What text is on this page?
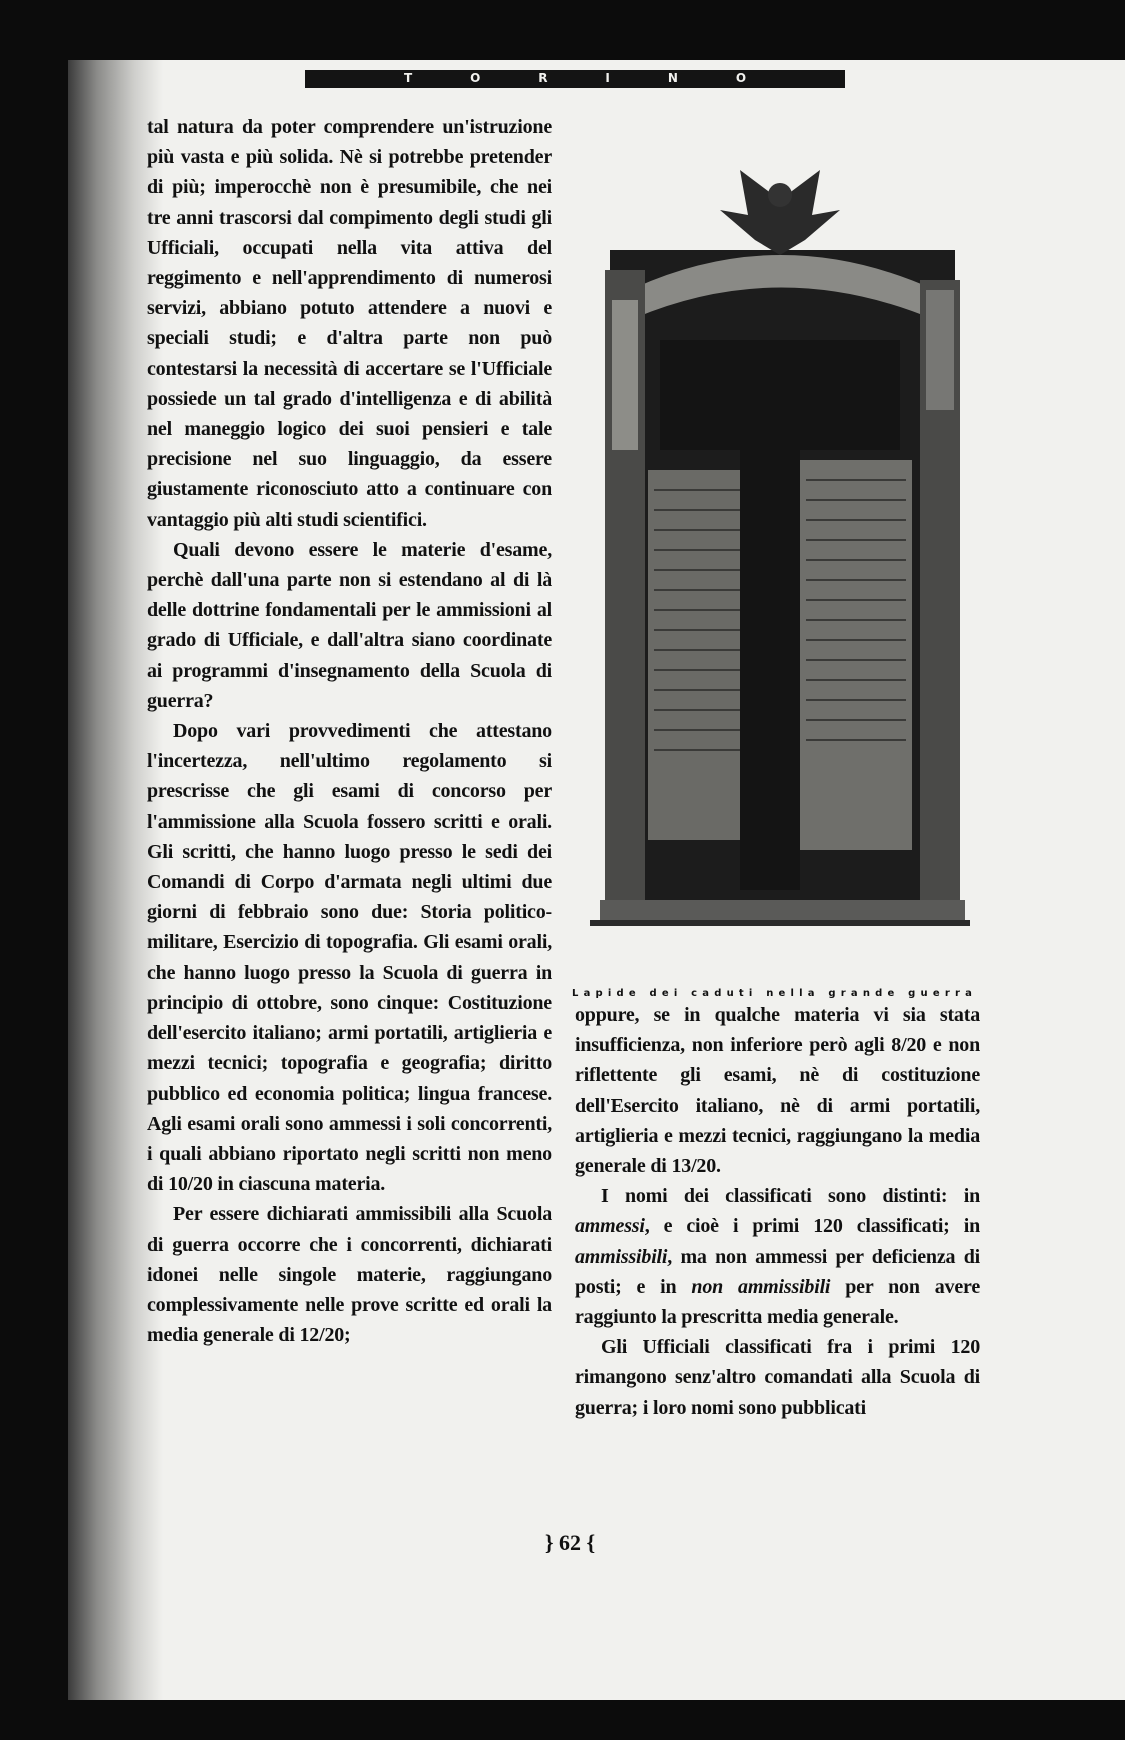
T	O	R	I	N	O

tal natura da poter comprendere un'istruzione più vasta e più solida. Nè si potrebbe pretender di più; imperocchè non è presumibile, che nei tre anni trascorsi dal compimento degli studi gli Ufficiali, occupati nella vita attiva del reggimento e nell'apprendimento di numerosi servizi, abbiano potuto attendere a nuovi e speciali studi; e d'altra parte non può contestarsi la necessità di accertare se l'Ufficiale possiede un tal grado d'intelligenza e di abilità nel maneggio logico dei suoi pensieri e tale precisione nel suo linguaggio, da essere giustamente riconosciuto atto a continuare con vantaggio più alti studi scientifici.

Quali devono essere le materie d'esame, perchè dall'una parte non si estendano al di là delle dottrine fondamentali per le ammissioni al grado di Ufficiale, e dall'altra siano coordinate ai programmi d'insegnamento della Scuola di guerra?

Dopo vari provvedimenti che attestano l'incertezza, nell'ultimo regolamento si prescrisse che gli esami di concorso per l'ammissione alla Scuola fossero scritti e orali. Gli scritti, che hanno luogo presso le sedi dei Comandi di Corpo d'armata negli ultimi due giorni di febbraio sono due: Storia politico-militare, Esercizio di topografia. Gli esami orali, che hanno luogo presso la Scuola di guerra in principio di ottobre, sono cinque: Costituzione dell'esercito italiano; armi portatili, artiglieria e mezzi tecnici; topografia e geografia; diritto pubblico ed economia politica; lingua francese. Agli esami orali sono ammessi i soli concorrenti, i quali abbiano riportato negli scritti non meno di 10/20 in ciascuna materia.

Per essere dichiarati ammissibili alla Scuola di guerra occorre che i concorrenti, dichiarati idonei nelle singole materie, raggiungano complessivamente nelle prove scritte ed orali la media generale di 12/20;

Lapide dei caduti nella grande guerra

oppure, se in qualche materia vi sia stata insufficienza, non inferiore però agli 8/20 e non riflettente gli esami, nè di costituzione dell'Esercito italiano, nè di armi portatili, artiglieria e mezzi tecnici, raggiungano la media generale di 13/20.

I nomi dei classificati sono distinti: in ammessi, e cioè i primi 120 classificati; in ammissibili, ma non ammessi per deficienza di posti; e in non ammissibili per non avere raggiunto la prescritta media generale.

Gli Ufficiali classificati fra i primi 120 rimangono senz'altro comandati alla Scuola di guerra; i loro nomi sono pubblicati

} 62 {
